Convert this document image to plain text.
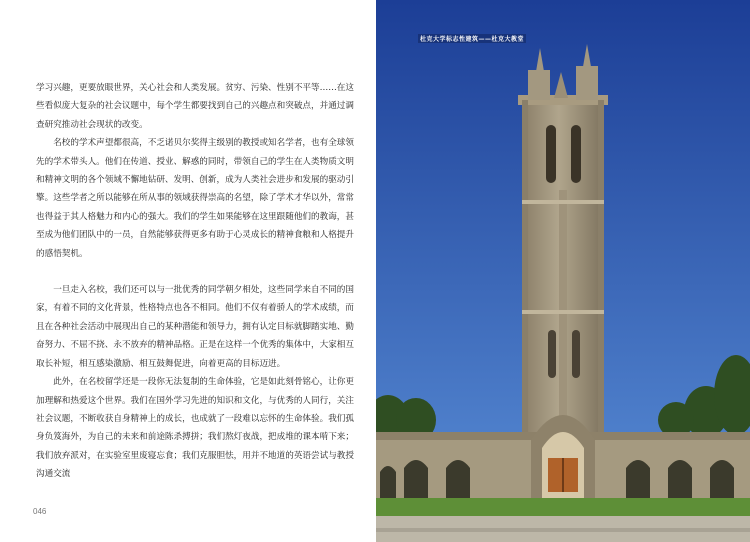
学习兴趣，更要放眼世界，关心社会和人类发展。贫穷、污染、性别不平等……在这些看似庞大复杂的社会议题中，每个学生都要找到自己的兴趣点和突破点，并通过调查研究推动社会现状的改变。

名校的学术声望都很高，不乏诺贝尔奖得主级别的教授或知名学者，也有全球领先的学术带头人。他们在传道、授业、解惑的同时，带领自己的学生在人类物质文明和精神文明的各个领域不懈地钻研、发明、创新，成为人类社会进步和发展的驱动引擎。这些学者之所以能够在所从事的领域获得崇高的名望，除了学术才华以外，常常也得益于其人格魅力和内心的强大。我们的学生如果能够在这里跟随他们的教诲，甚至成为他们团队中的一员，自然能够获得更多有助于心灵成长的精神食粮和人格提升的感悟契机。

一旦走入名校，我们还可以与一批优秀的同学朝夕相处，这些同学来自不同的国家，有着不同的文化背景，性格特点也各不相同。他们不仅有着骄人的学术成绩，而且在各种社会活动中展现出自己的某种潜能和领导力，拥有认定目标就脚踏实地、勤奋努力、不屈不挠、永不放弃的精神品格。正是在这样一个优秀的集体中，大家相互取长补短，相互感染激励、相互鼓舞促进，向着更高的目标迈进。

此外，在名校留学还是一段你无法复制的生命体验，它是如此刻骨铭心，让你更加理解和热爱这个世界。我们在国外学习先进的知识和文化，与优秀的人同行，关注社会议题，不断收获自身精神上的成长，也成就了一段难以忘怀的生命体验。我们孤身负笈海外，为自己的未来和前途陈杀搏拼；我们熬灯夜战，把成堆的课本啃下来；我们放弃派对，在实验室里废寝忘食；我们克服胆怯，用并不地道的英语尝试与教授沟通交流

046
杜克大学标志性建筑——杜克大教堂
